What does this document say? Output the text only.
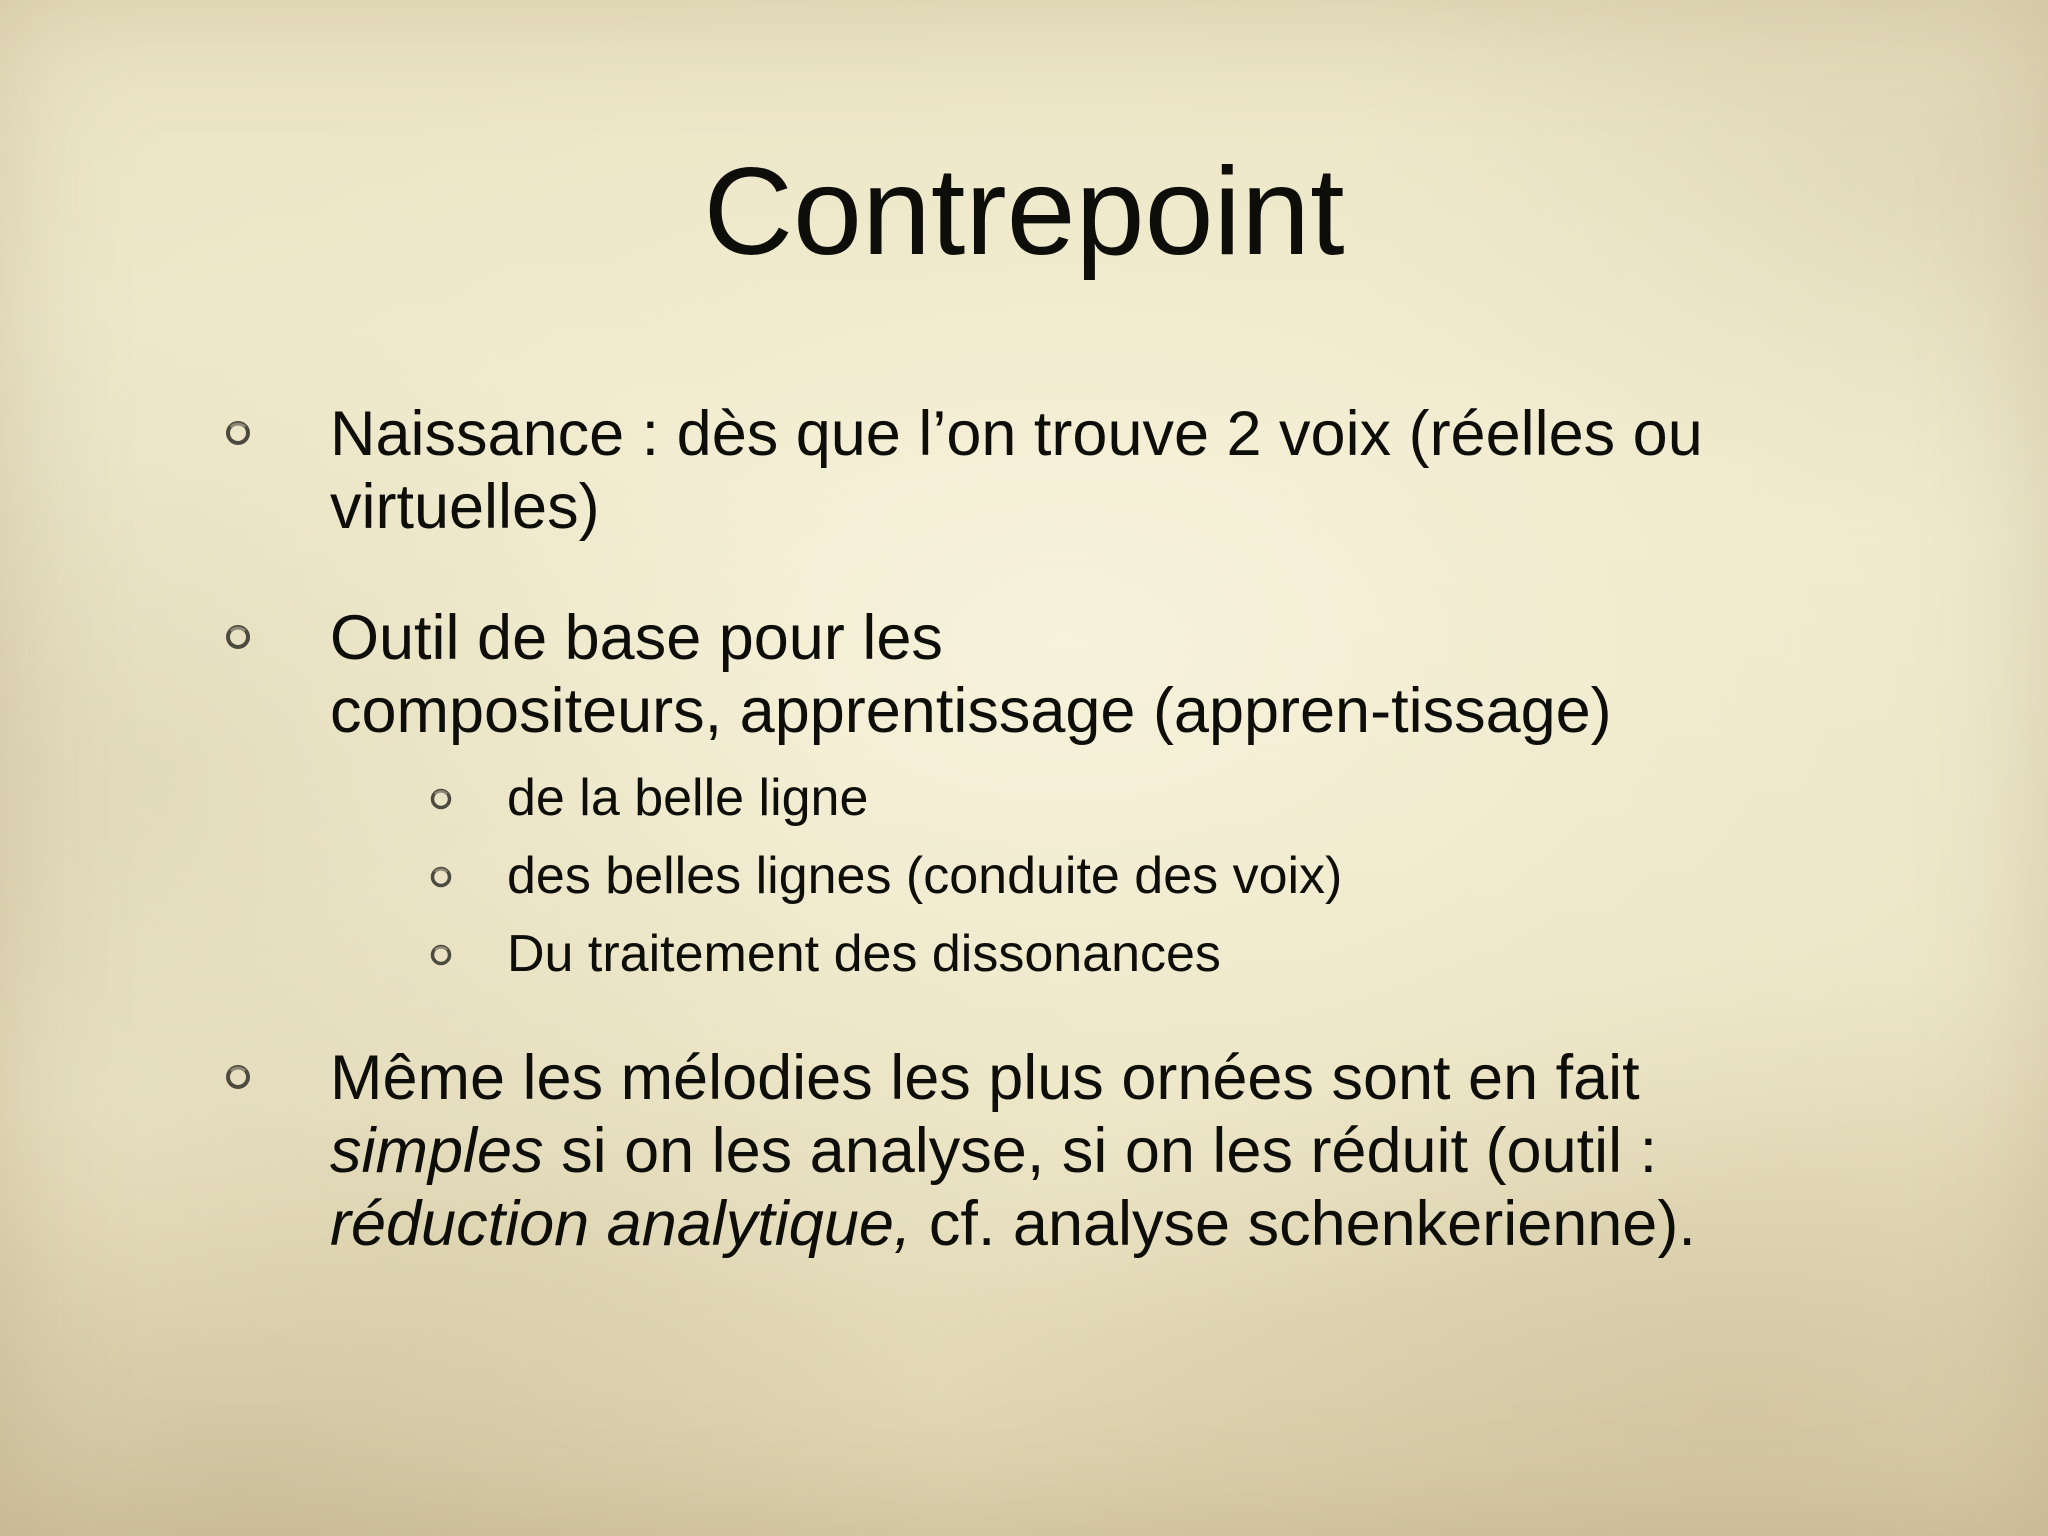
Contrepoint
Naissance : dès que l’on trouve 2 voix (réelles ou
virtuelles)
Outil de base pour les
compositeurs, apprentissage (appren-tissage)
de la belle ligne
des belles lignes (conduite des voix)
Du traitement des dissonances
Même les mélodies les plus ornées sont en fait
simples si on les analyse, si on les réduit (outil :
réduction analytique, cf. analyse schenkerienne).
